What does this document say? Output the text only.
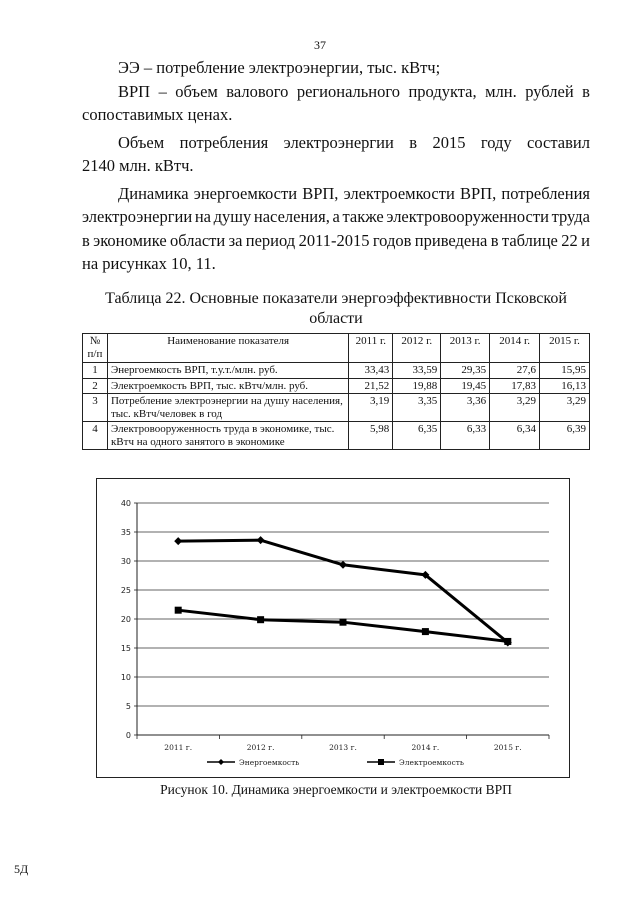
37
ЭЭ – потребление электроэнергии, тыс. кВтч;
ВРП – объем валового регионального продукта, млн. рублей в
сопоставимых ценах.
Объем потребления электроэнергии в 2015 году составил
2140 млн. кВтч.
Динамика энергоемкости ВРП, электроемкости ВРП, потребления
электроэнергии на душу населения, а также электровооруженности труда
в экономике области за период 2011-2015 годов приведена в таблице 22 и
на рисунках 10, 11.
Таблица 22. Основные показатели энергоэффективности Псковской области
№ п/п	Наименование показателя	2011 г.	2012 г.	2013 г.	2014 г.	2015 г.
1	Энергоемкость ВРП, т.у.т./млн. руб.	33,43	33,59	29,35	27,6	15,95
2	Электроемкость ВРП, тыс. кВтч/млн. руб.	21,52	19,88	19,45	17,83	16,13
3	Потребление электроэнергии на душу населения, тыс. кВтч/человек в год	3,19	3,35	3,36	3,29	3,29
4	Электровооруженность труда в экономике, тыс. кВтч на одного занятого в экономике	5,98	6,35	6,33	6,34	6,39
0
5
10
15
20
25
30
35
40
2011 г.	2012 г.	2013 г.	2014 г.	2015 г.
Энергоемкость	Электроемкость
Рисунок 10. Динамика энергоемкости и электроемкости ВРП
5Д
